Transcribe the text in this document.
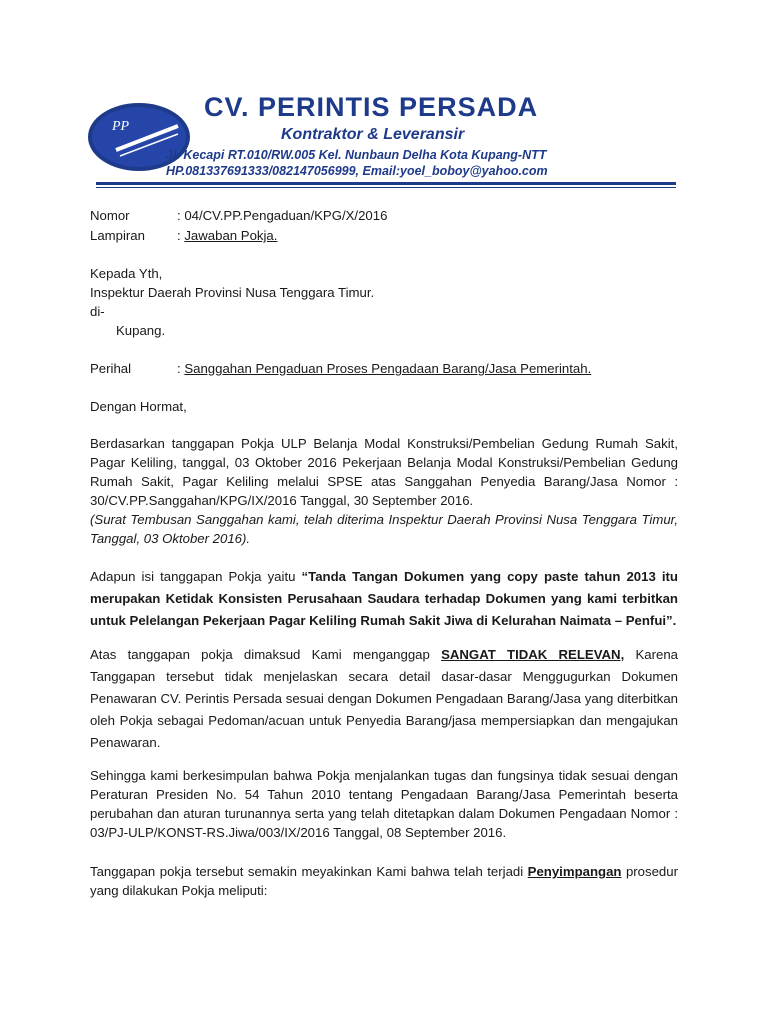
PP
CV. PERINTIS PERSADA
Kontraktor & Leveransir
Jl. Kecapi RT.010/RW.005 Kel. Nunbaun Delha Kota Kupang-NTT
HP.081337691333/082147056999, Email:yoel_boboy@yahoo.com
Nomor	: 04/CV.PP.Pengaduan/KPG/X/2016
Lampiran : Jawaban Pokja.
Kepada Yth,
Inspektur Daerah Provinsi Nusa Tenggara Timur.
di-
Kupang.
Perihal	: Sanggahan Pengaduan Proses Pengadaan Barang/Jasa Pemerintah.
Dengan Hormat,
Berdasarkan tanggapan Pokja ULP Belanja Modal Konstruksi/Pembelian Gedung Rumah Sakit, Pagar Keliling, tanggal, 03 Oktober 2016 Pekerjaan Belanja Modal Konstruksi/Pembelian Gedung Rumah Sakit, Pagar Keliling melalui SPSE atas Sanggahan Penyedia Barang/Jasa Nomor : 30/CV.PP.Sanggahan/KPG/IX/2016 Tanggal, 30 September 2016.
(Surat Tembusan Sanggahan kami, telah diterima Inspektur Daerah Provinsi Nusa Tenggara Timur, Tanggal, 03 Oktober 2016).
Adapun isi tanggapan Pokja yaitu “Tanda Tangan Dokumen yang copy paste tahun 2013 itu merupakan Ketidak Konsisten Perusahaan Saudara terhadap Dokumen yang kami terbitkan untuk Pelelangan Pekerjaan Pagar Keliling Rumah Sakit Jiwa di Kelurahan Naimata – Penfui”.
Atas tanggapan pokja dimaksud Kami menganggap SANGAT TIDAK RELEVAN, Karena Tanggapan tersebut tidak menjelaskan secara detail dasar-dasar Menggugurkan Dokumen Penawaran CV. Perintis Persada sesuai dengan Dokumen Pengadaan Barang/Jasa yang diterbitkan oleh Pokja sebagai Pedoman/acuan untuk Penyedia Barang/jasa mempersiapkan dan mengajukan Penawaran.
Sehingga kami berkesimpulan bahwa Pokja menjalankan tugas dan fungsinya tidak sesuai dengan Peraturan Presiden No. 54 Tahun 2010 tentang Pengadaan Barang/Jasa Pemerintah beserta perubahan dan aturan turunannya serta yang telah ditetapkan dalam Dokumen Pengadaan Nomor : 03/PJ-ULP/KONST-RS.Jiwa/003/IX/2016 Tanggal, 08 September 2016.
Tanggapan pokja tersebut semakin meyakinkan Kami bahwa telah terjadi Penyimpangan prosedur yang dilakukan Pokja meliputi:
